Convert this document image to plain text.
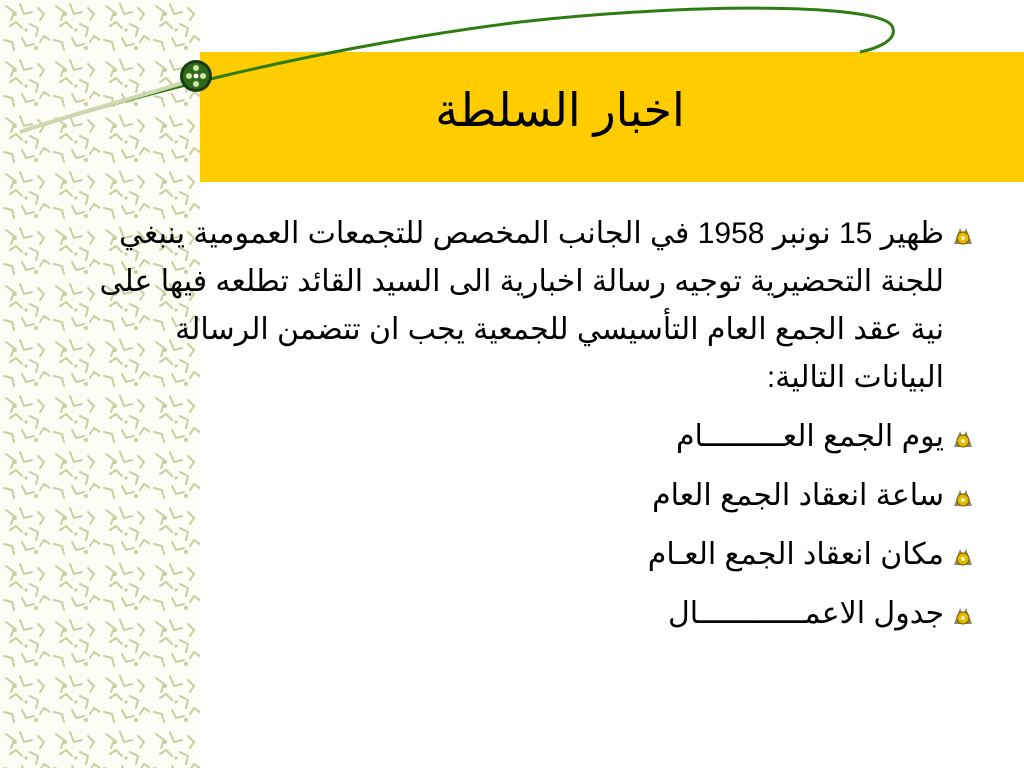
اخبار السلطة
ظهير 15 نونبر 1958 في الجانب المخصص للتجمعات العمومية ينبغي للجنة التحضيرية توجيه رسالة اخبارية الى السيد القائد تطلعه فيها على نية عقد الجمع العام التأسيسي للجمعية يجب ان تتضمن الرسالة البيانات التالية:
يوم الجمع العـــــــــام
ساعة انعقاد الجمع العام
مكان انعقاد الجمع العـام
جدول الاعمــــــــــــال
